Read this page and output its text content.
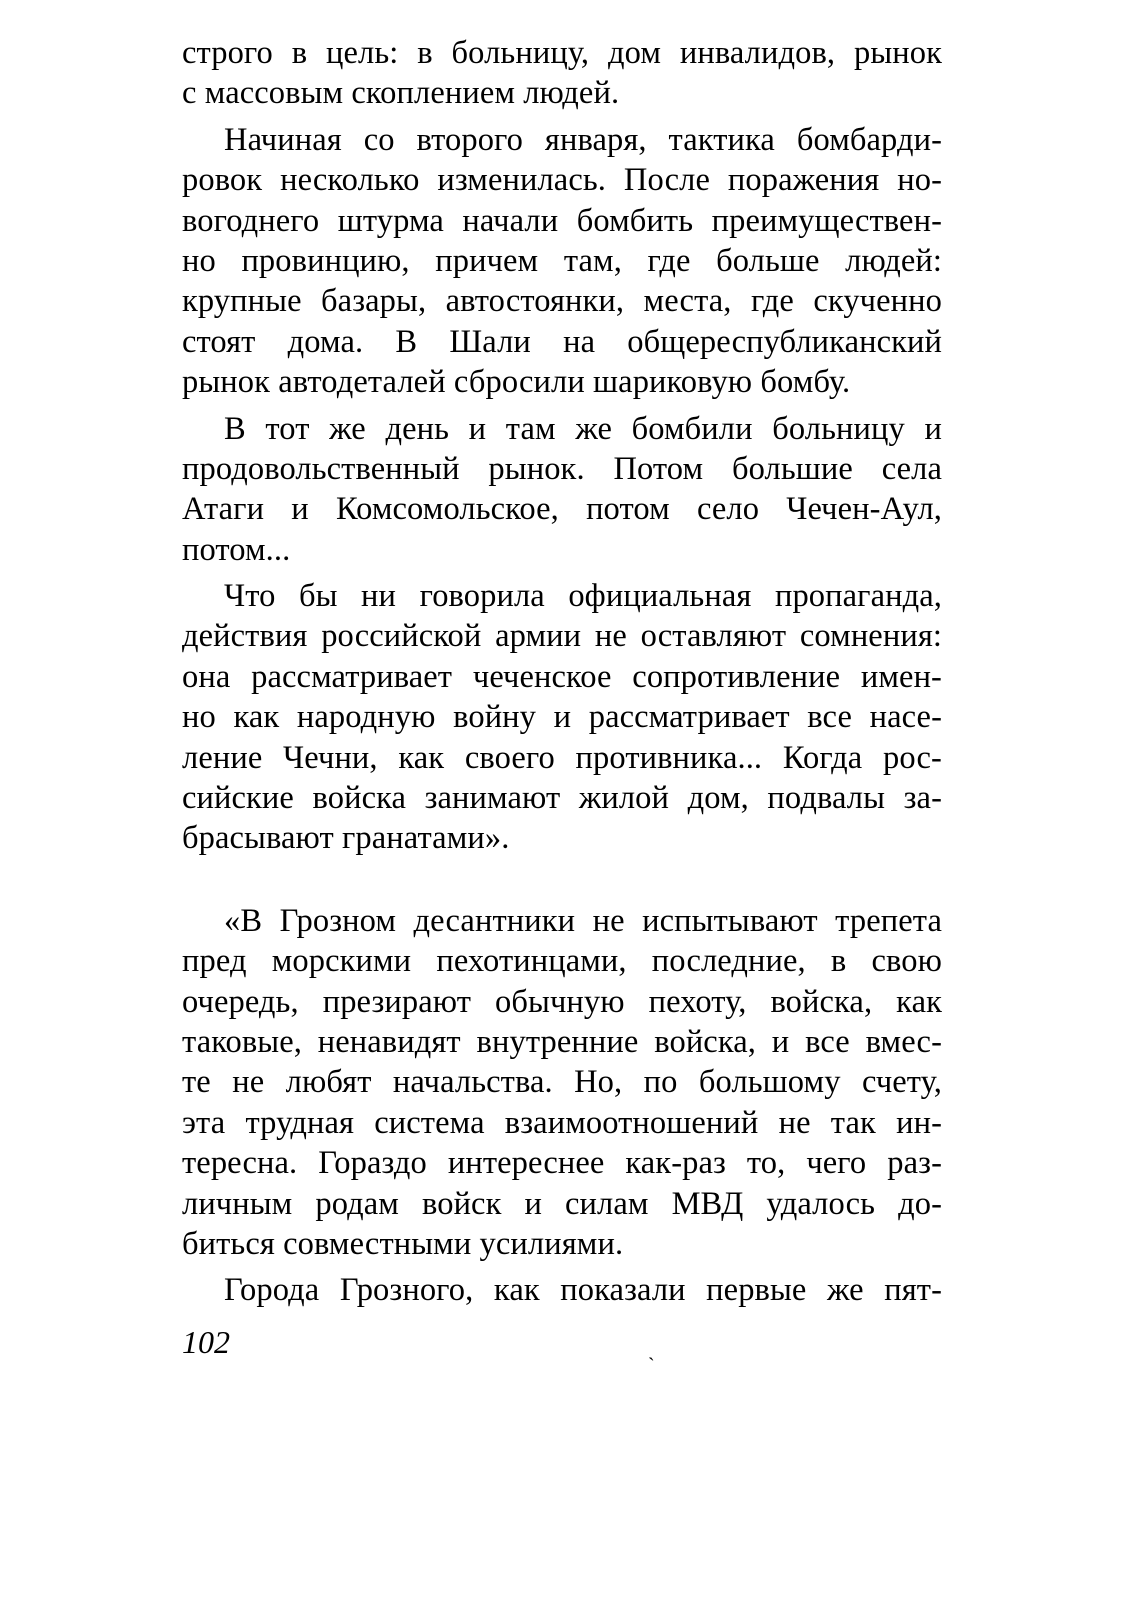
строго в цель: в больницу, дом инвалидов, рынок
с массовым скоплением людей.
Начиная со второго января, тактика бомбарди-
ровок несколько изменилась. После поражения но-
вогоднего штурма начали бомбить преимуществен-
но провинцию, причем там, где больше людей:
крупные базары, автостоянки, места, где скученно
стоят дома. В Шали на общереспубликанский
рынок автодеталей сбросили шариковую бомбу.
В тот же день и там же бомбили больницу и
продовольственный рынок. Потом большие села
Атаги и Комсомольское, потом село Чечен-Аул,
потом...
Что бы ни говорила официальная пропаганда,
действия российской армии не оставляют сомнения:
она рассматривает чеченское сопротивление имен-
но как народную войну и рассматривает все насе-
ление Чечни, как своего противника... Когда рос-
сийские войска занимают жилой дом, подвалы за-
брасывают гранатами».
«В Грозном десантники не испытывают трепета
пред морскими пехотинцами, последние, в свою
очередь, презирают обычную пехоту, войска, как
таковые, ненавидят внутренние войска, и все вмес-
те не любят начальства. Но, по большому счету,
эта трудная система взаимоотношений не так ин-
тересна. Гораздо интереснее как-раз то, чего раз-
личным родам войск и силам МВД удалось до-
биться совместными усилиями.
Города Грозного, как показали первые же пят-
102	ˏ
